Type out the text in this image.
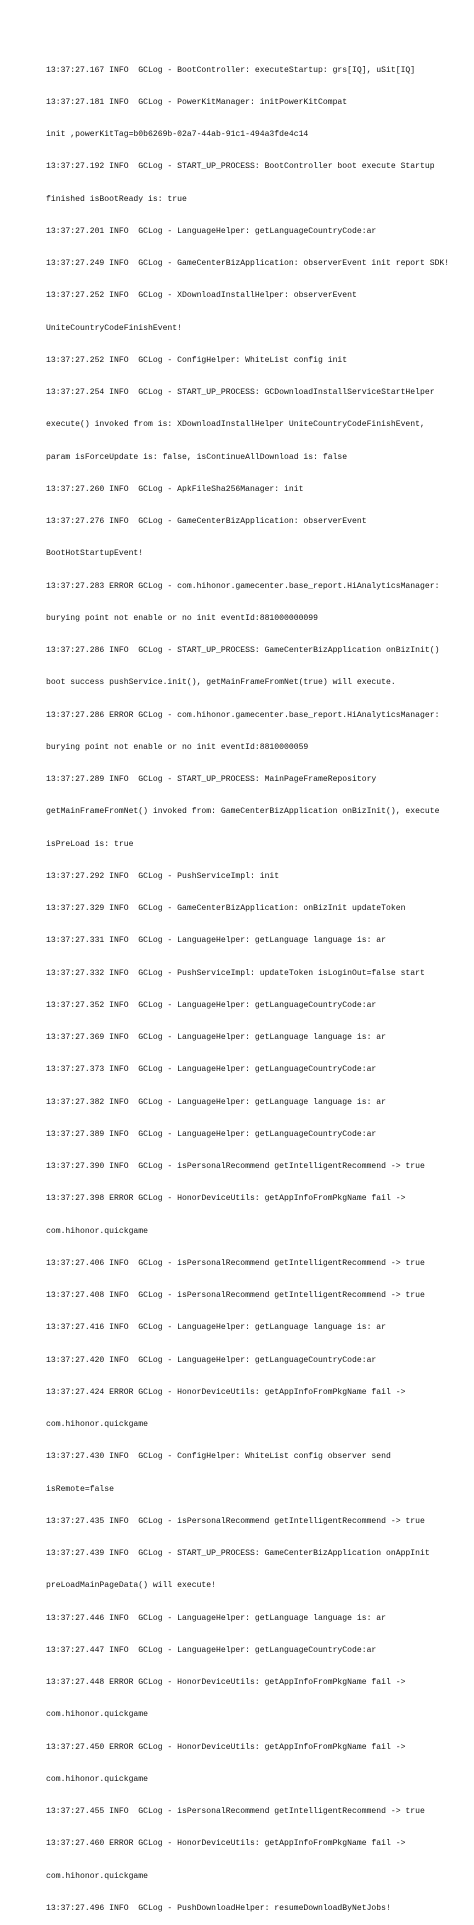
13:37:27.167 INFO  GCLog - BootController: executeStartup: grs[IQ], uSit[IQ]

13:37:27.181 INFO  GCLog - PowerKitManager: initPowerKitCompat

init ,powerKitTag=b0b6269b-02a7-44ab-91c1-494a3fde4c14

13:37:27.192 INFO  GCLog - START_UP_PROCESS: BootController boot execute Startup

finished isBootReady is: true

13:37:27.201 INFO  GCLog - LanguageHelper: getLanguageCountryCode:ar

13:37:27.249 INFO  GCLog - GameCenterBizApplication: observerEvent init report SDK!

13:37:27.252 INFO  GCLog - XDownloadInstallHelper: observerEvent

UniteCountryCodeFinishEvent!

13:37:27.252 INFO  GCLog - ConfigHelper: WhiteList config init

13:37:27.254 INFO  GCLog - START_UP_PROCESS: GCDownloadInstallServiceStartHelper

execute() invoked from is: XDownloadInstallHelper UniteCountryCodeFinishEvent,

param isForceUpdate is: false, isContinueAllDownload is: false

13:37:27.260 INFO  GCLog - ApkFileSha256Manager: init

13:37:27.276 INFO  GCLog - GameCenterBizApplication: observerEvent

BootHotStartupEvent!

13:37:27.283 ERROR GCLog - com.hihonor.gamecenter.base_report.HiAnalyticsManager:

burying point not enable or no init eventId:881000000099

13:37:27.286 INFO  GCLog - START_UP_PROCESS: GameCenterBizApplication onBizInit()

boot success pushService.init(), getMainFrameFromNet(true) will execute.

13:37:27.286 ERROR GCLog - com.hihonor.gamecenter.base_report.HiAnalyticsManager:

burying point not enable or no init eventId:8810000059

13:37:27.289 INFO  GCLog - START_UP_PROCESS: MainPageFrameRepository

getMainFrameFromNet() invoked from: GameCenterBizApplication onBizInit(), execute

isPreLoad is: true

13:37:27.292 INFO  GCLog - PushServiceImpl: init

13:37:27.329 INFO  GCLog - GameCenterBizApplication: onBizInit updateToken

13:37:27.331 INFO  GCLog - LanguageHelper: getLanguage language is: ar

13:37:27.332 INFO  GCLog - PushServiceImpl: updateToken isLoginOut=false start

13:37:27.352 INFO  GCLog - LanguageHelper: getLanguageCountryCode:ar

13:37:27.369 INFO  GCLog - LanguageHelper: getLanguage language is: ar

13:37:27.373 INFO  GCLog - LanguageHelper: getLanguageCountryCode:ar

13:37:27.382 INFO  GCLog - LanguageHelper: getLanguage language is: ar

13:37:27.389 INFO  GCLog - LanguageHelper: getLanguageCountryCode:ar

13:37:27.390 INFO  GCLog - isPersonalRecommend getIntelligentRecommend -> true

13:37:27.398 ERROR GCLog - HonorDeviceUtils: getAppInfoFromPkgName fail ->

com.hihonor.quickgame

13:37:27.406 INFO  GCLog - isPersonalRecommend getIntelligentRecommend -> true

13:37:27.408 INFO  GCLog - isPersonalRecommend getIntelligentRecommend -> true

13:37:27.416 INFO  GCLog - LanguageHelper: getLanguage language is: ar

13:37:27.420 INFO  GCLog - LanguageHelper: getLanguageCountryCode:ar

13:37:27.424 ERROR GCLog - HonorDeviceUtils: getAppInfoFromPkgName fail ->

com.hihonor.quickgame

13:37:27.430 INFO  GCLog - ConfigHelper: WhiteList config observer send

isRemote=false

13:37:27.435 INFO  GCLog - isPersonalRecommend getIntelligentRecommend -> true

13:37:27.439 INFO  GCLog - START_UP_PROCESS: GameCenterBizApplication onAppInit

preLoadMainPageData() will execute!

13:37:27.446 INFO  GCLog - LanguageHelper: getLanguage language is: ar

13:37:27.447 INFO  GCLog - LanguageHelper: getLanguageCountryCode:ar

13:37:27.448 ERROR GCLog - HonorDeviceUtils: getAppInfoFromPkgName fail ->

com.hihonor.quickgame

13:37:27.450 ERROR GCLog - HonorDeviceUtils: getAppInfoFromPkgName fail ->

com.hihonor.quickgame

13:37:27.455 INFO  GCLog - isPersonalRecommend getIntelligentRecommend -> true

13:37:27.460 ERROR GCLog - HonorDeviceUtils: getAppInfoFromPkgName fail ->

com.hihonor.quickgame

13:37:27.496 INFO  GCLog - PushDownloadHelper: resumeDownloadByNetJobs!
